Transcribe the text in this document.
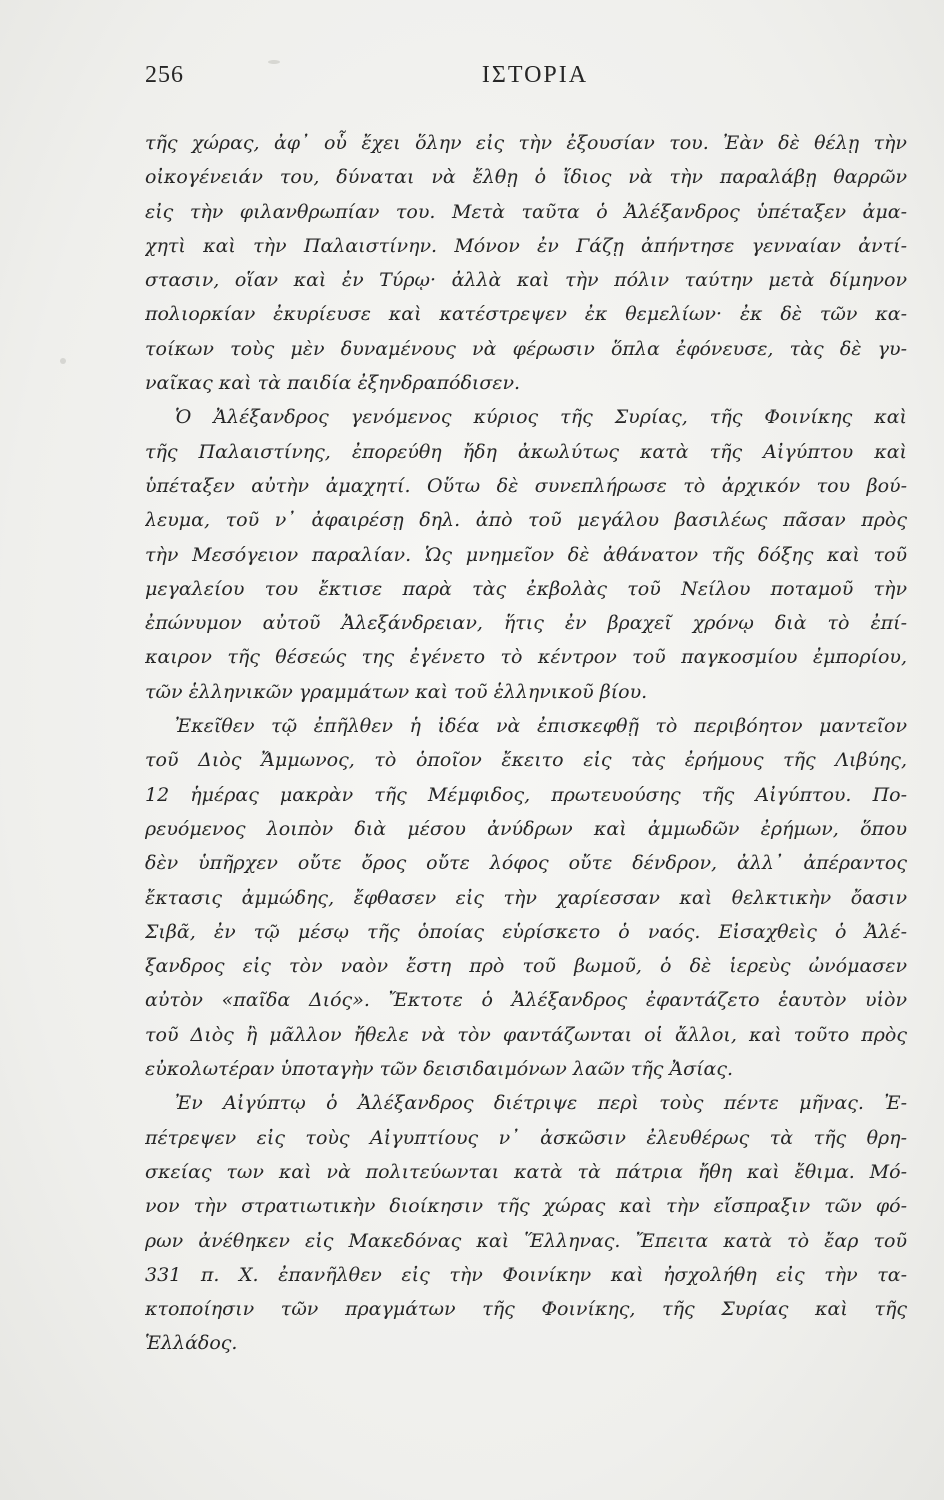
256	ΙΣΤΟΡΙΑ
τῆς χώρας, ἀφ᾽ οὗ ἔχει ὅλην εἰς τὴν ἐξουσίαν του. Ἐὰν δὲ θέλῃ τὴν
οἰκογένειάν του, δύναται νὰ ἔλθῃ ὁ ἴδιος νὰ τὴν παραλάβῃ θαρρῶν
εἰς τὴν φιλανθρωπίαν του. Μετὰ ταῦτα ὁ Ἀλέξανδρος ὑπέταξεν ἀμα-
χητὶ καὶ τὴν Παλαιστίνην. Μόνον ἐν Γάζῃ ἀπήντησε γενναίαν ἀντί-
στασιν, οἵαν καὶ ἐν Τύρῳ· ἀλλὰ καὶ τὴν πόλιν ταύτην μετὰ δίμηνον
πολιορκίαν ἐκυρίευσε καὶ κατέστρεψεν ἐκ θεμελίων· ἐκ δὲ τῶν κα-
τοίκων τοὺς μὲν δυναμένους νὰ φέρωσιν ὅπλα ἐφόνευσε, τὰς δὲ γυ-
ναῖκας καὶ τὰ παιδία ἐξηνδραπόδισεν.
Ὁ Ἀλέξανδρος γενόμενος κύριος τῆς Συρίας, τῆς Φοινίκης καὶ
τῆς Παλαιστίνης, ἐπορεύθη ἤδη ἀκωλύτως κατὰ τῆς Αἰγύπτου καὶ
ὑπέταξεν αὐτὴν ἀμαχητί. Οὕτω δὲ συνεπλήρωσε τὸ ἀρχικόν του βού-
λευμα, τοῦ ν᾽ ἀφαιρέσῃ δηλ. ἀπὸ τοῦ μεγάλου βασιλέως πᾶσαν πρὸς
τὴν Μεσόγειον παραλίαν. Ὡς μνημεῖον δὲ ἀθάνατον τῆς δόξης καὶ τοῦ
μεγαλείου του ἔκτισε παρὰ τὰς ἐκβολὰς τοῦ Νείλου ποταμοῦ τὴν
ἐπώνυμον αὐτοῦ Ἀλεξάνδρειαν, ἥτις ἐν βραχεῖ χρόνῳ διὰ τὸ ἐπί-
καιρον τῆς θέσεώς της ἐγένετο τὸ κέντρον τοῦ παγκοσμίου ἐμπορίου,
τῶν ἑλληνικῶν γραμμάτων καὶ τοῦ ἑλληνικοῦ βίου.
Ἐκεῖθεν τῷ ἐπῆλθεν ἡ ἰδέα νὰ ἐπισκεφθῇ τὸ περιβόητον μαντεῖον
τοῦ Διὸς Ἄμμωνος, τὸ ὁποῖον ἔκειτο εἰς τὰς ἐρήμους τῆς Λιβύης,
12 ἡμέρας μακρὰν τῆς Μέμφιδος, πρωτευούσης τῆς Αἰγύπτου. Πο-
ρευόμενος λοιπὸν διὰ μέσου ἀνύδρων καὶ ἀμμωδῶν ἐρήμων, ὅπου
δὲν ὑπῆρχεν οὔτε ὄρος οὔτε λόφος οὔτε δένδρον, ἀλλ᾽ ἀπέραντος
ἔκτασις ἀμμώδης, ἔφθασεν εἰς τὴν χαρίεσσαν καὶ θελκτικὴν ὄασιν
Σιβᾶ, ἐν τῷ μέσῳ τῆς ὁποίας εὑρίσκετο ὁ ναός. Εἰσαχθεὶς ὁ Ἀλέ-
ξανδρος εἰς τὸν ναὸν ἔστη πρὸ τοῦ βωμοῦ, ὁ δὲ ἱερεὺς ὠνόμασεν
αὐτὸν «παῖδα Διός». Ἔκτοτε ὁ Ἀλέξανδρος ἐφαντάζετο ἑαυτὸν υἱὸν
τοῦ Διὸς ἢ μᾶλλον ἤθελε νὰ τὸν φαντάζωνται οἱ ἄλλοι, καὶ τοῦτο πρὸς
εὐκολωτέραν ὑποταγὴν τῶν δεισιδαιμόνων λαῶν τῆς Ἀσίας.
Ἐν Αἰγύπτῳ ὁ Ἀλέξανδρος διέτριψε περὶ τοὺς πέντε μῆνας. Ἐ-
πέτρεψεν εἰς τοὺς Αἰγυπτίους ν᾽ ἀσκῶσιν ἐλευθέρως τὰ τῆς θρη-
σκείας των καὶ νὰ πολιτεύωνται κατὰ τὰ πάτρια ἤθη καὶ ἔθιμα. Μό-
νον τὴν στρατιωτικὴν διοίκησιν τῆς χώρας καὶ τὴν εἴσπραξιν τῶν φό-
ρων ἀνέθηκεν εἰς Μακεδόνας καὶ Ἕλληνας. Ἔπειτα κατὰ τὸ ἔαρ τοῦ
331 π. Χ. ἐπανῆλθεν εἰς τὴν Φοινίκην καὶ ἠσχολήθη εἰς τὴν τα-
κτοποίησιν τῶν πραγμάτων τῆς Φοινίκης, τῆς Συρίας καὶ τῆς
Ἑλλάδος.
